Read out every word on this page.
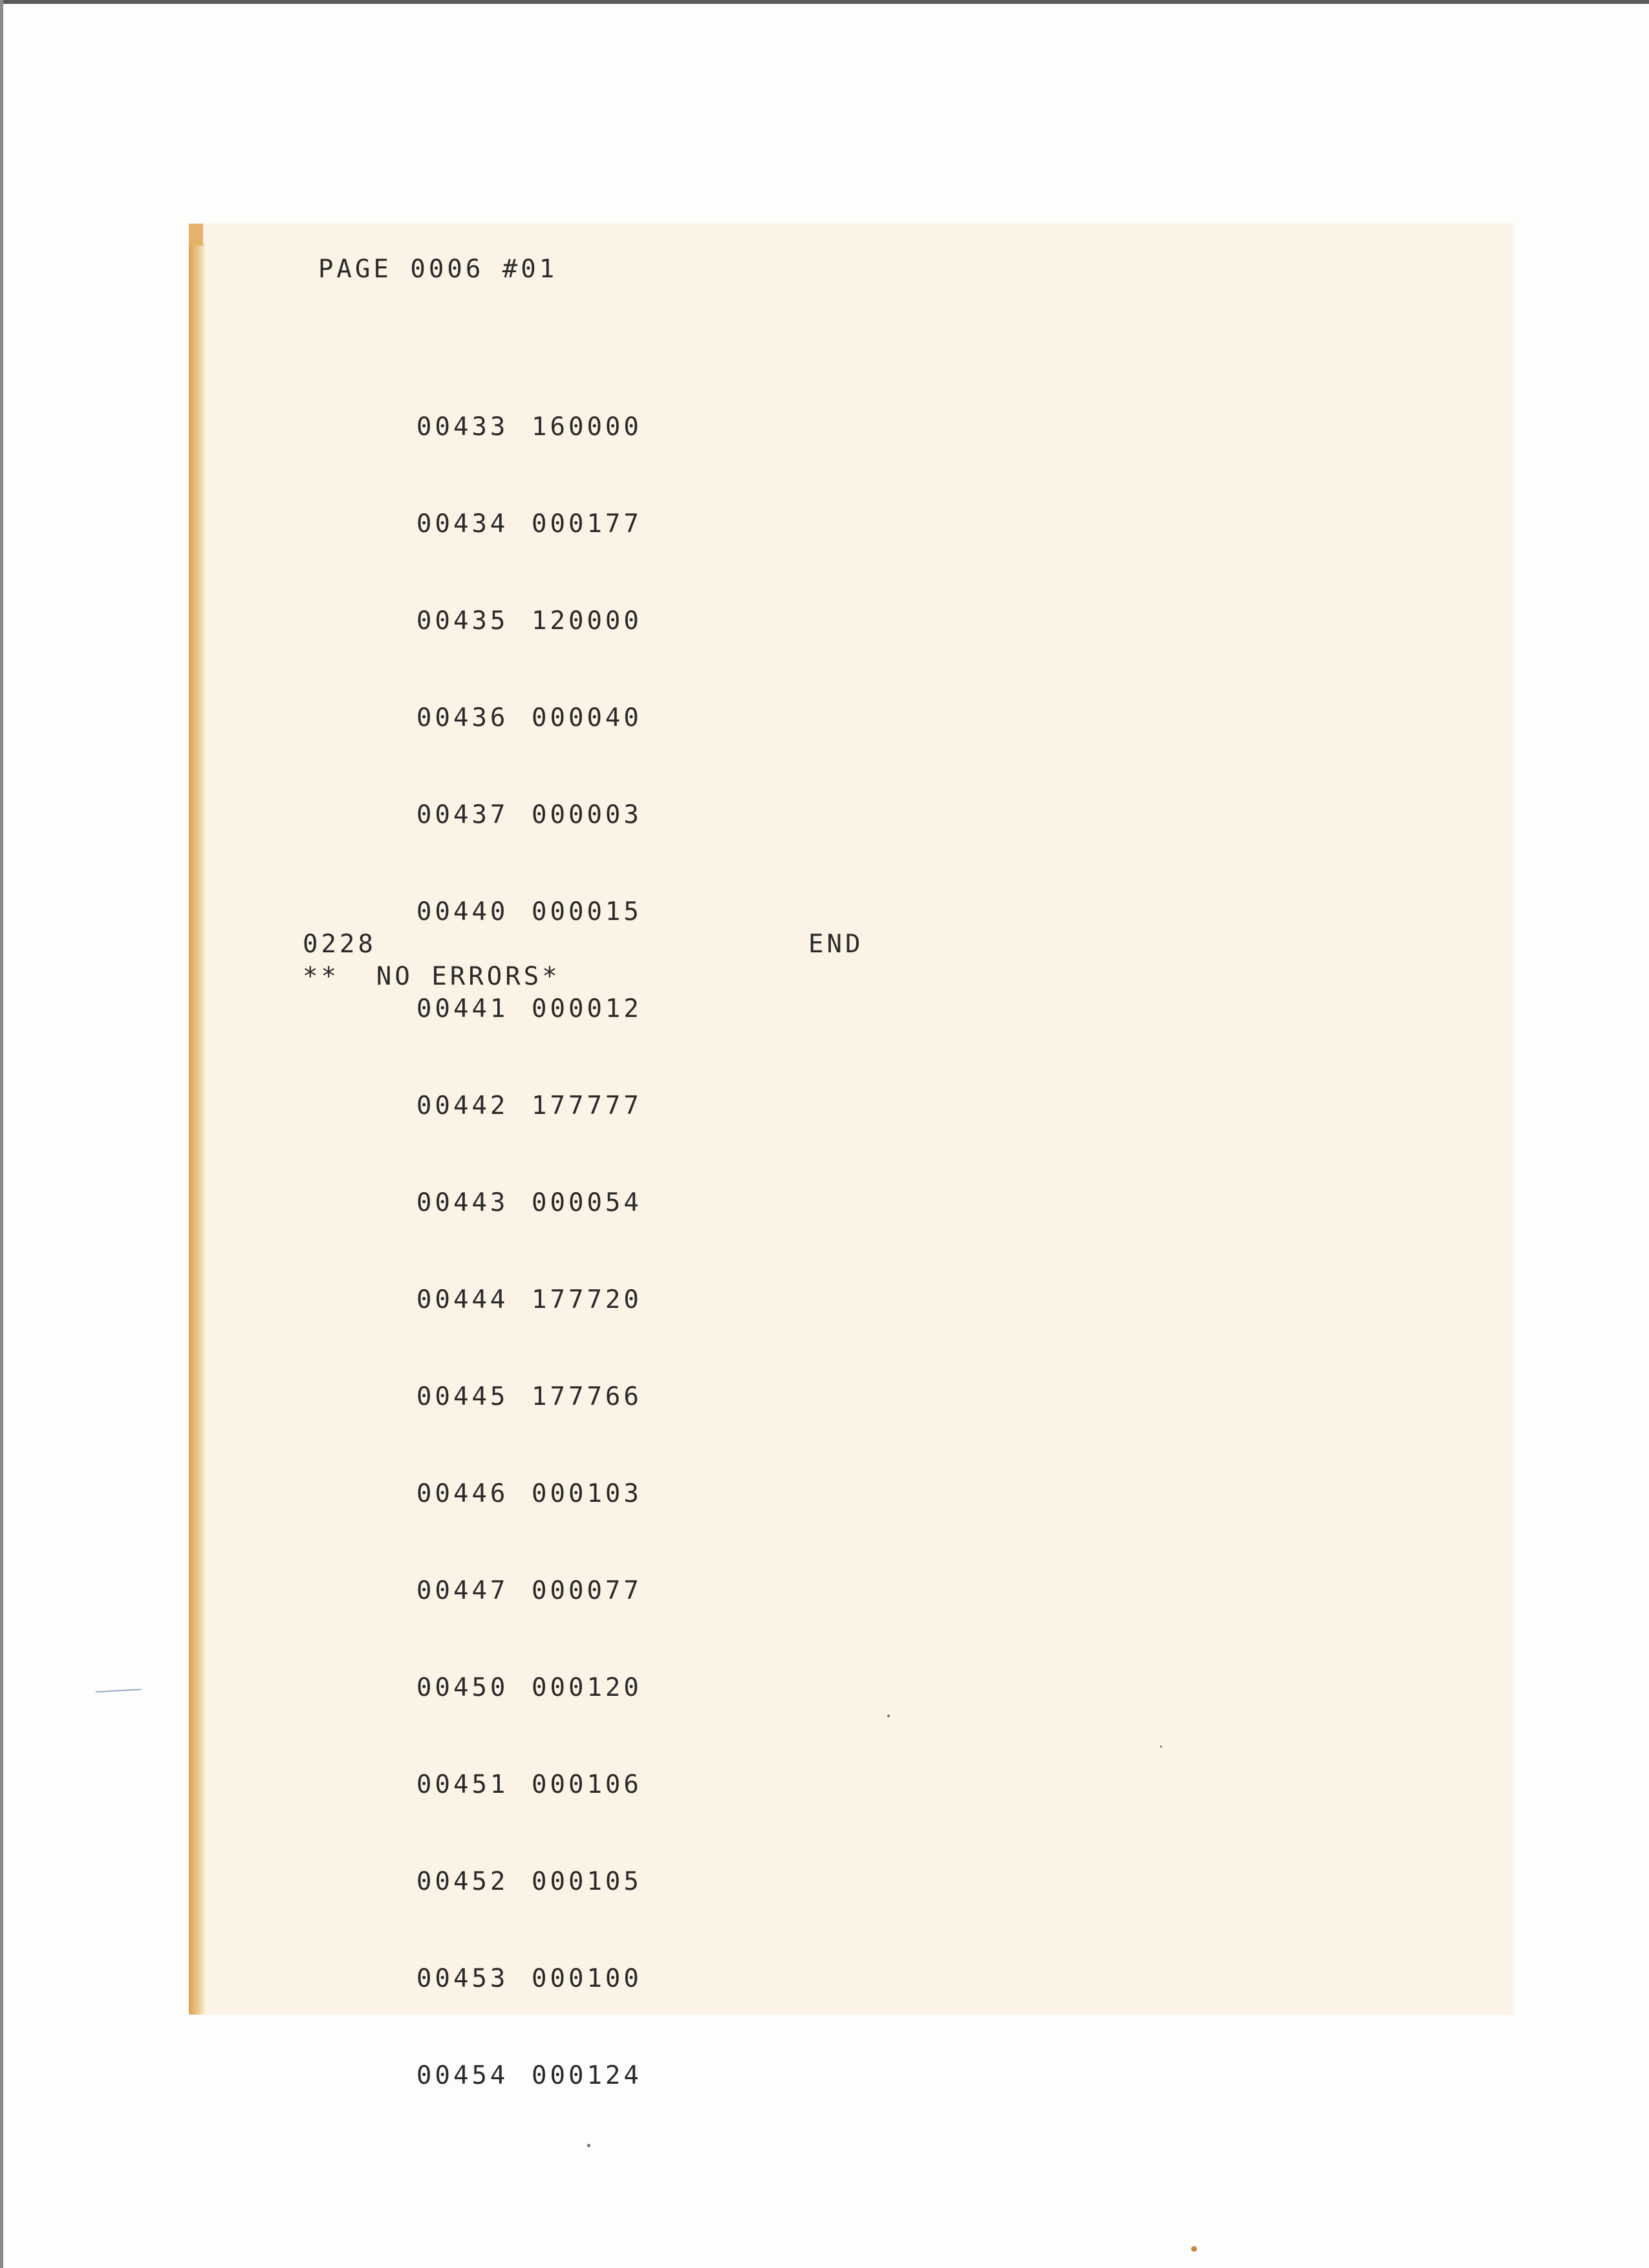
PAGE 0006 #01

00433 160000

00434 000177

00435 120000

00436 000040

00437 000003

00440 000015

00441 000012

00442 177777

00443 000054

00444 177720

00445 177766

00446 000103

00447 000077

00450 000120

00451 000106

00452 000105

00453 000100

00454 000124

0228	END
**  NO ERRORS*
